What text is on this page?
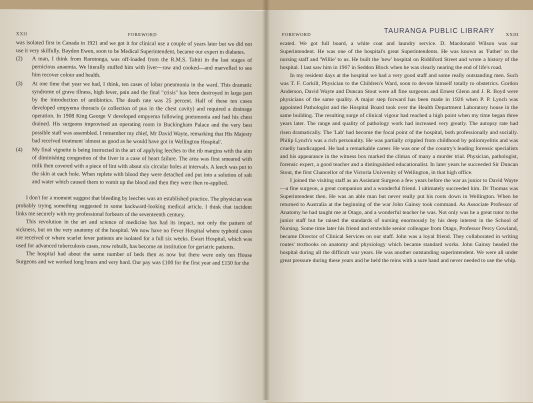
XXII	FOREWORD

was isolated first in Canada in 1921 and we got it for clinical use a couple of years later but we did not use it very skilfully. Baydon Ewen, soon to be Medical Superintendent, became our expert in diabetes.

(2) A man, I think from Rarotonga, was off-loaded from the R.M.S. Tahiti in the last stages of pernicious anaemia. We literally stuffed him with liver—raw and cooked—and marvelled to see him recover colour and health.

(3) At one time that year we had, I think, ten cases of lobar pneumonia in the ward. This dramatic syndrome of grave illness, high fever, pain and the final "crisis" has been destroyed in large part by the introduction of antibiotics. The death rate was 25 percent. Half of these ten cases developed empyema thoracis (a collection of pus in the chest cavity) and required a drainage operation. In 1908 King George V developed empyema following pneumonia and had his chest drained. His surgeons improvised an operating room in Buckingham Palace and the very best possible staff was assembled. I remember my chief, Mr David Wayte, remarking that His Majesty had received treatment 'almost as good as he would have got in Wellington Hospital'.

(4) My final vignette is being instructed in the art of applying leeches to the rib margins with the aim of diminishing congestion of the liver in a case of heart failure. The area was first smeared with milk then covered with a piece of lint with about six circular holes at intervals. A leech was put to the skin at each hole. When replete with blood they were detached and put into a solution of salt and water which caused them to vomit up the blood and then they were then re-applied.

I don't for a moment suggest that bleeding by leeches was an established practice. The physician was probably trying something suggested in some backward-looking medical article. I think that incident links me securely with my professional forbears of the seventeenth century.

This revolution in the art and science of medicine has had its impact, not only the pattern of sickness, but on the very anatomy of the hospital. We now have no Fever Hospital where typhoid cases are received or where scarlet fever patients are isolated for a full six weeks. Ewart Hospital, which was used for advanced tuberculosis cases, now rebuilt, has become an institution for geriatric patients.

The hospital had about the same number of beds then as now but there were only ten House Surgeons and we worked long hours and very hard. Our pay was £100 for the first year and £150 for the

TAURANGA PUBLIC LIBRARY
FOREWORD	XXIII

ecated. We got full board, a white coat and laundry service. D. Macdonald Wilson was our Superintendent. He was one of the hospital's great Superintendents. He was known as 'Father' to the nursing staff and 'Willie' to us. He built the 'new' hospital on Riddiford Street and wrote a history of the hospital. I last saw him in 1967 in Seddon Block when he was clearly nearing the end of life's road.

In my resident days at the hospital we had a very good staff and some really outstanding men. Such was T. F. Corkill, Physician to the Children's Ward, soon to devote himself totally to obstetrics. Gordon Anderson, David Wayte and Duncan Stout were all fine surgeons and Ernest Glenn and J. R. Boyd were physicians of the same quality. A major step forward has been made in 1926 when P. P. Lynch was appointed Pathologist and the Hospital Board took over the Health Department Laboratory house in the same building. The resulting surge of clinical vigour had reached a high point when my time began three years later. The range and quality of pathology work had increased very greatly. The autopsy rate had risen dramatically. The 'Lab' had become the focal point of the hospital, both professionally and socially. Philip Lynch's was a rich personality. He was partially crippled from childhood by poliomyelitis and was cruelly handicapped. He had a remarkable career. He was one of the country's leading forensic specialists and his appearance in the witness box marked the climax of many a murder trial. Physician, pathologist, forensic expert, a good teacher and a distinguished educationalist. In later years he succeeded Sir Duncan Stout, the first Chancellor of the Victoria University of Wellington, in that high office.

I joined the visiting staff as an Assistant Surgeon a few years before the war as junior to David Wayte—a fine surgeon, a great companion and a wonderful friend. I ultimately succeeded him. Dr Thomas was Superintendent then. He was an able man but never really put his roots down in Wellington. When he returned to Australia at the beginning of the war John Gainsy took command. As Associate Professor of Anatomy he had taught me at Otago, and a wonderful teacher he was. Not only was he a great tutor to the junior staff but he raised the standards of nursing enormously by his deep interest in the School of Nursing. Some time later his friend and erstwhile senior colleague from Otago, Professor Percy Gowland, became Director of Clinical Services on our staff. John was a loyal friend. They collaborated in writing routes' textbooks on anatomy and physiology which became standard works. John Gainsy headed the hospital during all the difficult war years. He was another outstanding superintendent. We were all under great pressure during these years and he held the reins with a sure hand and never needed to use the whip.
